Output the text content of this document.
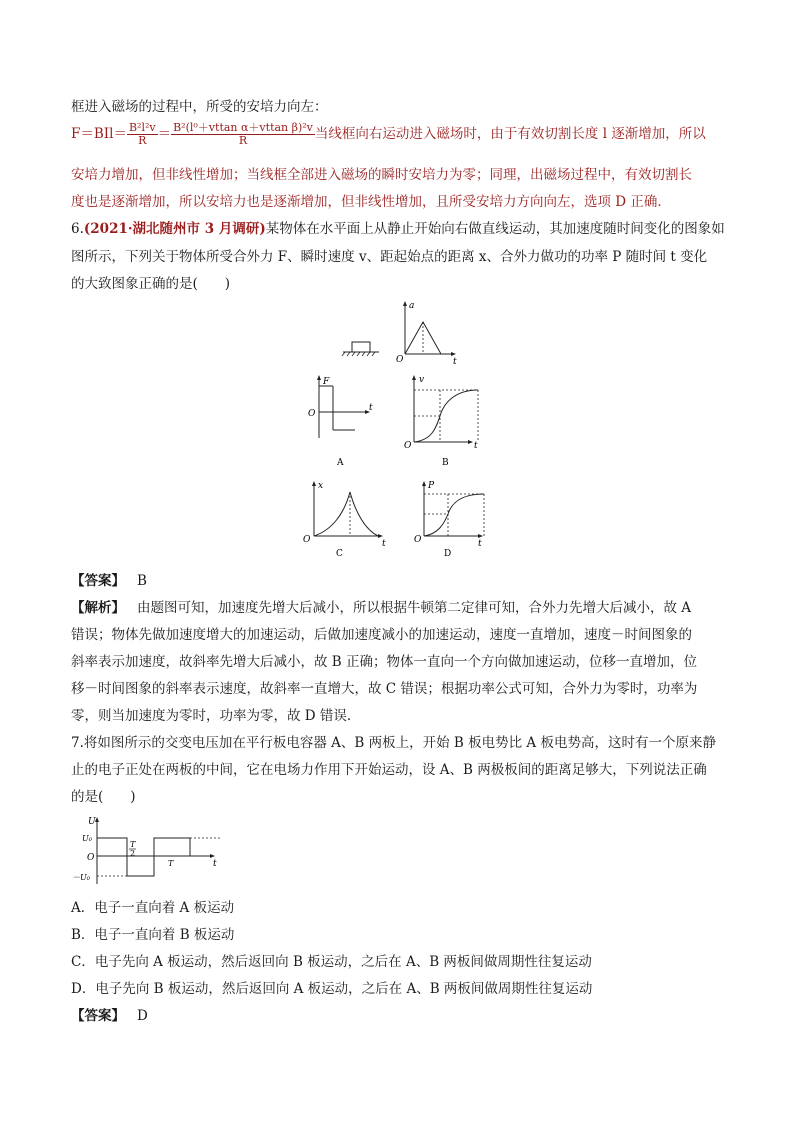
框进入磁场的过程中，所受的安培力向左：
$F=BIl= \frac{\text{B²l²v}}{R} = \frac{\text{B²(l⁰＋vttan α＋vttan β)²v}}{R}$ 当线框向右运动进入磁场时，由于有效切割长度 l 逐渐增加，所以
安培力增加，但非线性增加；当线框全部进入磁场的瞬时安培力为零；同理，出磁场过程中，有效切割长
度也是逐渐增加，所以安培力也是逐渐增加，但非线性增加，且所受安培力方向向左，选项 D 正确．
6.(2021·湖北随州市 3 月调研)某物体在水平面上从静止开始向右做直线运动，其加速度随时间变化的图象如
图所示，下列关于物体所受合外力 F、瞬时速度 v、距起始点的距离 x、合外力做功的功率 P 随时间 t 变化
的大致图象正确的是(　　)
a
t
O
F
t
O
A
v
t
O
B
x
t
O
C
P
t
O
D
【答案】 B
【解析】 由题图可知，加速度先增大后减小，所以根据牛顿第二定律可知，合外力先增大后减小，故 A
错误；物体先做加速度增大的加速运动，后做加速度减小的加速运动，速度一直增加，速度－时间图象的
斜率表示加速度，故斜率先增大后减小，故 B 正确；物体一直向一个方向做加速运动，位移一直增加，位
移－时间图象的斜率表示速度，故斜率一直增大，故 C 错误；根据功率公式可知，合外力为零时，功率为
零，则当加速度为零时，功率为零，故 D 错误．
7.将如图所示的交变电压加在平行板电容器 A、B 两板上，开始 B 板电势比 A 板电势高，这时有一个原来静
止的电子正处在两板的中间，它在电场力作用下开始运动，设 A、B 两极板间的距离足够大，下列说法正确
的是(　　)
U
t
O
U₀
－U₀
T
2
T
A．电子一直向着 A 板运动
B．电子一直向着 B 板运动
C．电子先向 A 板运动，然后返回向 B 板运动，之后在 A、B 两板间做周期性往复运动
D．电子先向 B 板运动，然后返回向 A 板运动，之后在 A、B 两板间做周期性往复运动
【答案】 D
